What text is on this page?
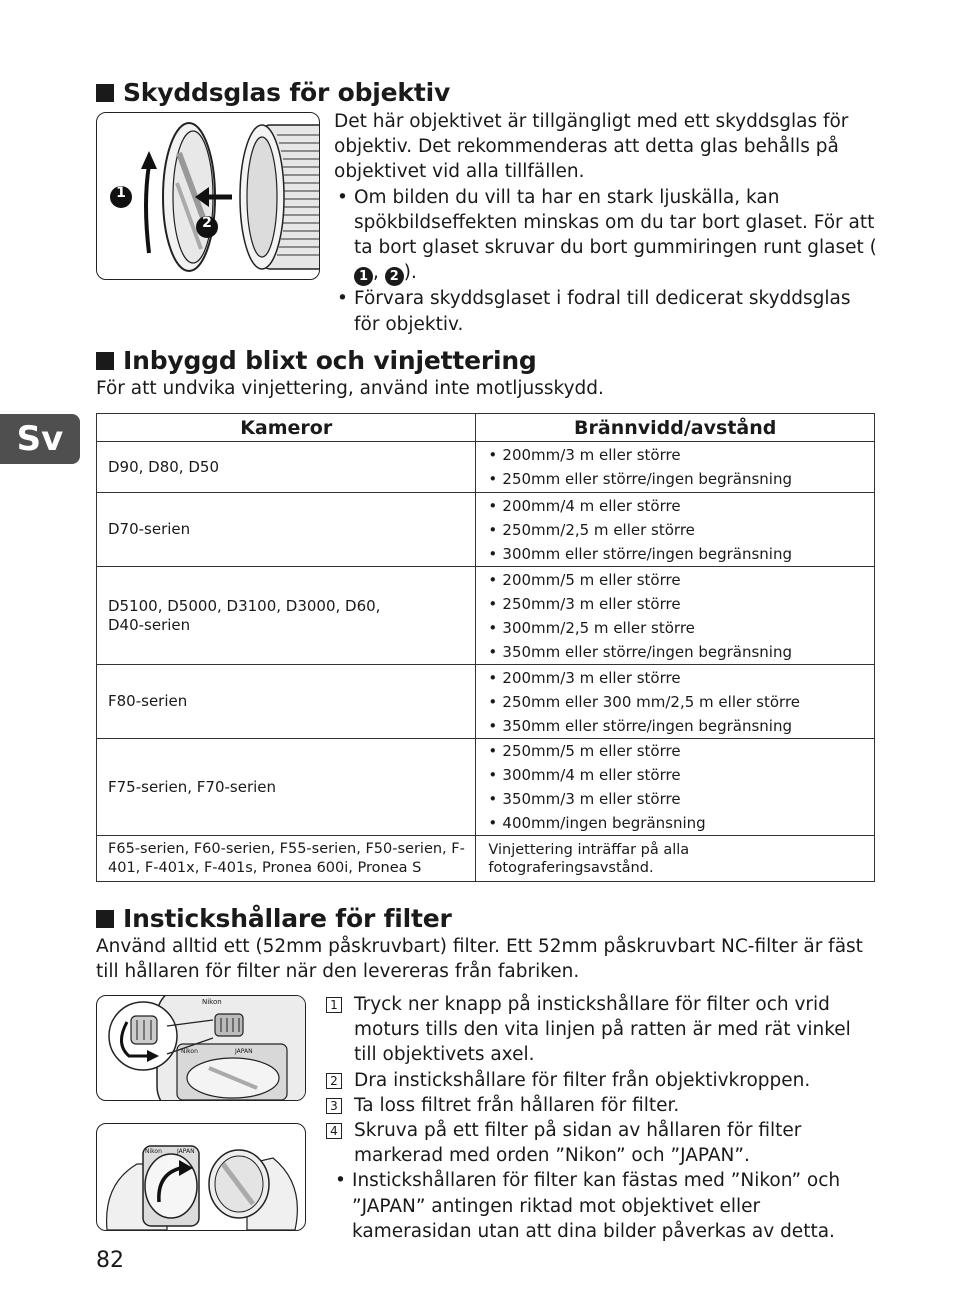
Sv
Skyddsglas för objektiv
1
2
Det här objektivet är tillgängligt med ett skyddsglas för objektiv. Det rekommenderas att detta glas behålls på objektivet vid alla tillfällen.
• Om bilden du vill ta har en stark ljuskälla, kan spökbildseffekten minskas om du tar bort glaset. För att ta bort glaset skruvar du bort gummiringen runt glaset (1 , 2 ).
• Förvara skyddsglaset i fodral till dedicerat skyddsglas för objektiv.
Inbyggd blixt och vinjettering
För att undvika vinjettering, använd inte motljusskydd.
Kameror	Brännvidd/avstånd
D90, D80, D50	• 200mm/3 m eller större
• 250mm eller större/ingen begränsning

D70-serien	• 200mm/4 m eller större
• 250mm/2,5 m eller större
• 300mm eller större/ingen begränsning

D5100, D5000, D3100, D3000, D60, D40-serien	• 200mm/5 m eller större
• 250mm/3 m eller större
• 300mm/2,5 m eller större
• 350mm eller större/ingen begränsning

F80-serien	• 200mm/3 m eller större
• 250mm eller 300 mm/2,5 m eller större
• 350mm eller större/ingen begränsning

F75-serien, F70-serien	• 250mm/5 m eller större
• 300mm/4 m eller större
• 350mm/3 m eller större
• 400mm/ingen begränsning

F65-serien, F60-serien, F55-serien, F50-serien, F-401, F-401x, F-401s, Pronea 600i, Pronea S	Vinjettering inträffar på alla fotograferingsavstånd.
Instickshållare för filter
Använd alltid ett (52mm påskruvbart) filter. Ett 52mm påskruvbart NC-filter är fäst till hållaren för filter när den levereras från fabriken.
Nikon
Nikon	JAPAN
Nikon	JAPAN
1 Tryck ner knapp på instickshållare för filter och vrid moturs tills den vita linjen på ratten är med rät vinkel till objektivets axel.
2 Dra instickshållare för filter från objektivkroppen.
3 Ta loss filtret från hållaren för filter.
4 Skruva på ett filter på sidan av hållaren för filter markerad med orden ”Nikon” och ”JAPAN”.
• Instickshållaren för filter kan fästas med ”Nikon” och ”JAPAN” antingen riktad mot objektivet eller kamerasidan utan att dina bilder påverkas av detta.
82
